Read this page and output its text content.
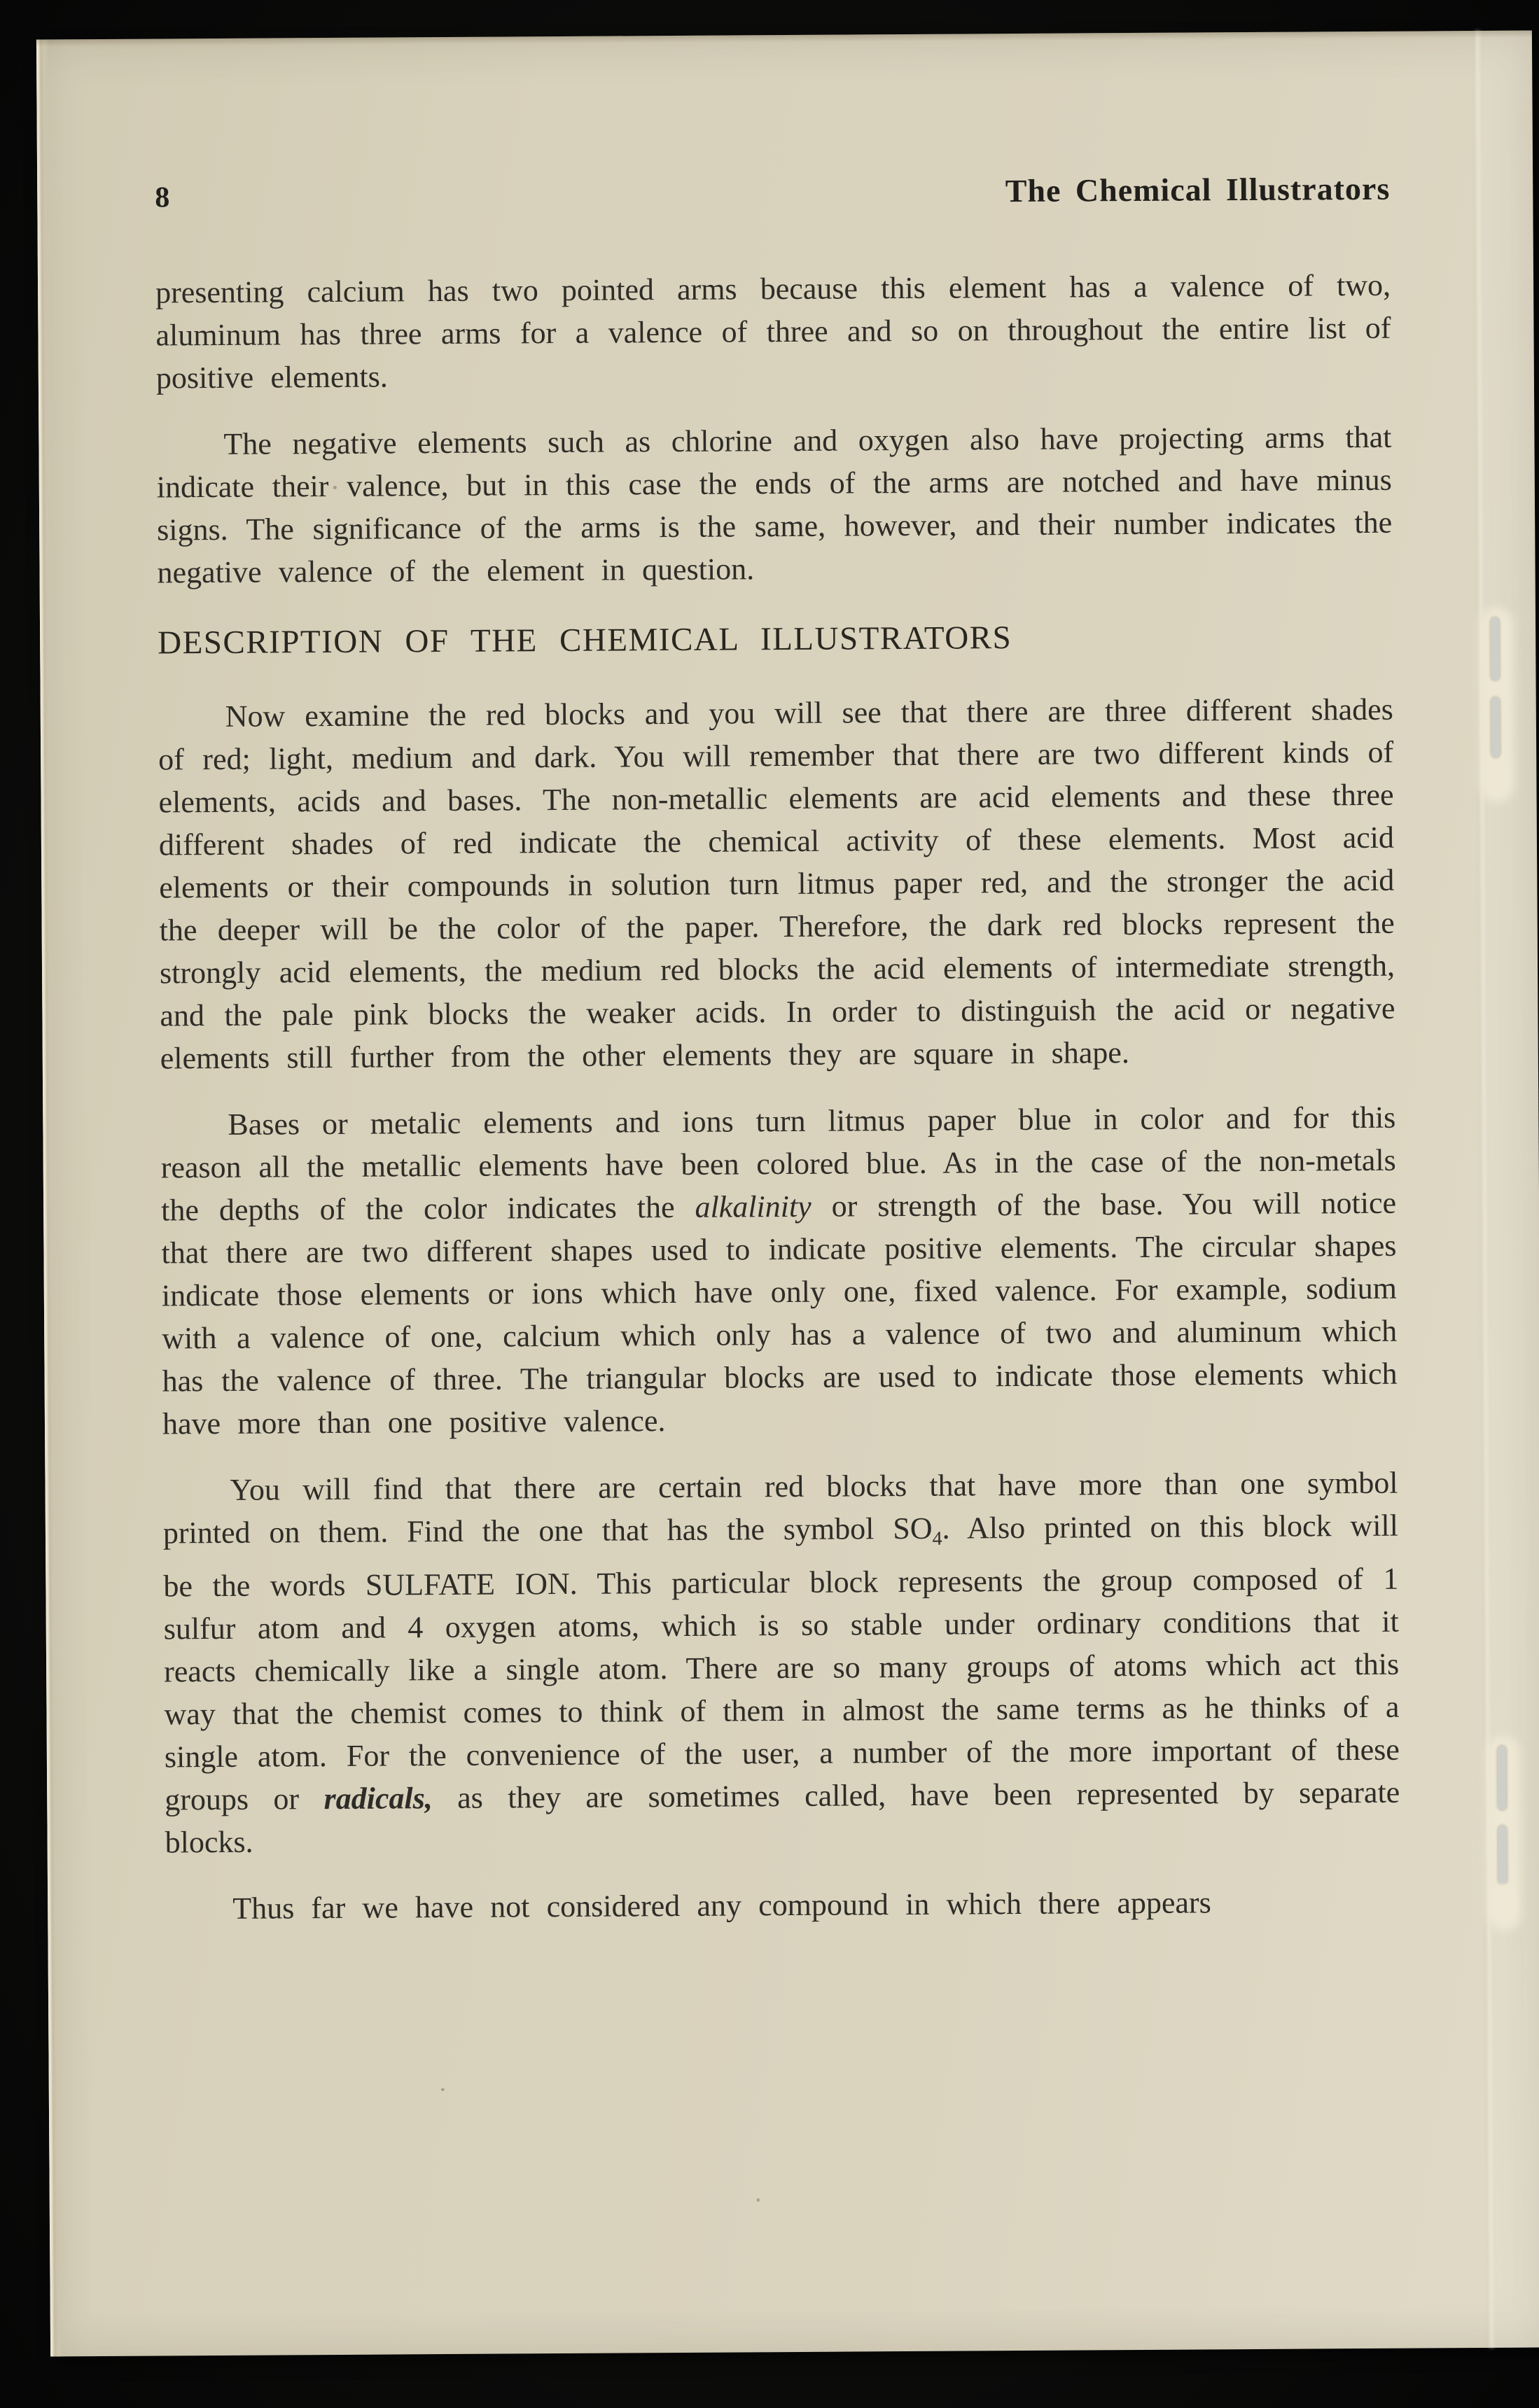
8	The Chemical Illustrators

presenting calcium has two pointed arms because this element has a valence of two, aluminum has three arms for a valence of three and so on throughout the entire list of positive elements.

The negative elements such as chlorine and oxygen also have projecting arms that indicate their valence, but in this case the ends of the arms are notched and have minus signs. The significance of the arms is the same, however, and their number indicates the negative valence of the element in question.

DESCRIPTION OF THE CHEMICAL ILLUSTRATORS

Now examine the red blocks and you will see that there are three different shades of red; light, medium and dark. You will remember that there are two different kinds of elements, acids and bases. The non-metallic elements are acid elements and these three different shades of red indicate the chemical activity of these elements. Most acid elements or their compounds in solution turn litmus paper red, and the stronger the acid the deeper will be the color of the paper. Therefore, the dark red blocks represent the strongly acid elements, the medium red blocks the acid elements of intermediate strength, and the pale pink blocks the weaker acids. In order to distinguish the acid or negative elements still further from the other elements they are square in shape.

Bases or metalic elements and ions turn litmus paper blue in color and for this reason all the metallic elements have been colored blue. As in the case of the non-metals the depths of the color indicates the alkalinity or strength of the base. You will notice that there are two different shapes used to indicate positive elements. The circular shapes indicate those elements or ions which have only one, fixed valence. For example, sodium with a valence of one, calcium which only has a valence of two and aluminum which has the valence of three. The triangular blocks are used to indicate those elements which have more than one positive valence.

You will find that there are certain red blocks that have more than one symbol printed on them. Find the one that has the symbol $SO_4$. Also printed on this block will be the words SULFATE ION. This particular block represents the group composed of 1 sulfur atom and 4 oxygen atoms, which is so stable under ordinary conditions that it reacts chemically like a single atom. There are so many groups of atoms which act this way that the chemist comes to think of them in almost the same terms as he thinks of a single atom. For the convenience of the user, a number of the more important of these groups or radicals, as they are sometimes called, have been represented by separate blocks.

Thus far we have not considered any compound in which there appears
